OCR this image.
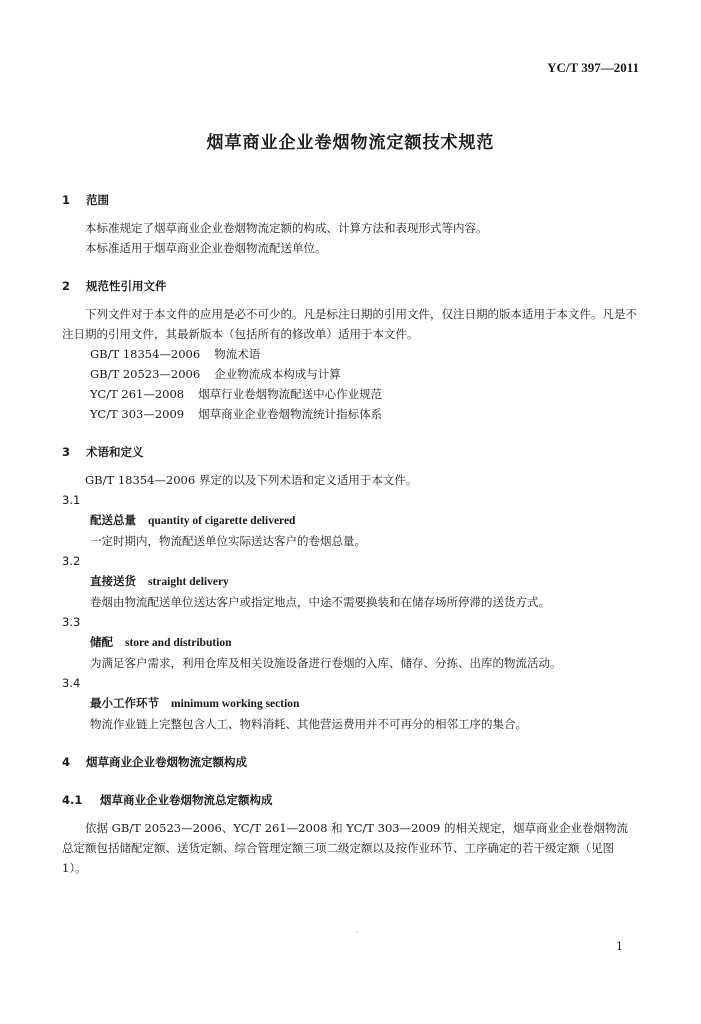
YC/T 397—2011
烟草商业企业卷烟物流定额技术规范
1 范围

本标准规定了烟草商业企业卷烟物流定额的构成、计算方法和表现形式等内容。

本标准适用于烟草商业企业卷烟物流配送单位。

2 规范性引用文件

下列文件对于本文件的应用是必不可少的。凡是标注日期的引用文件，仅注日期的版本适用于本文件。凡是不注日期的引用文件，其最新版本（包括所有的修改单）适用于本文件。

GB/T 18354—2006 物流术语
GB/T 20523—2006 企业物流成本构成与计算
YC/T 261—2008 烟草行业卷烟物流配送中心作业规范
YC/T 303—2009 烟草商业企业卷烟物流统计指标体系
3 术语和定义

GB/T 18354—2006 界定的以及下列术语和定义适用于本文件。

3.1
配送总量 quantity of cigarette delivered
一定时期内，物流配送单位实际送达客户的卷烟总量。
3.2
直接送货 straight delivery
卷烟由物流配送单位送达客户或指定地点，中途不需要换装和在储存场所停滞的送货方式。
3.3
储配 store and distribution
为满足客户需求，利用仓库及相关设施设备进行卷烟的入库、储存、分拣、出库的物流活动。
3.4
最小工作环节 minimum working section
物流作业链上完整包含人工、物料消耗、其他营运费用并不可再分的相邻工序的集合。
4 烟草商业企业卷烟物流定额构成
4.1 烟草商业企业卷烟物流总定额构成

依据 GB/T 20523—2006、YC/T 261—2008 和 YC/T 303—2009 的相关规定，烟草商业企业卷烟物流总定额包括储配定额、送货定额、综合管理定额三项二级定额以及按作业环节、工序确定的若干级定额（见图 1）。

·
1
